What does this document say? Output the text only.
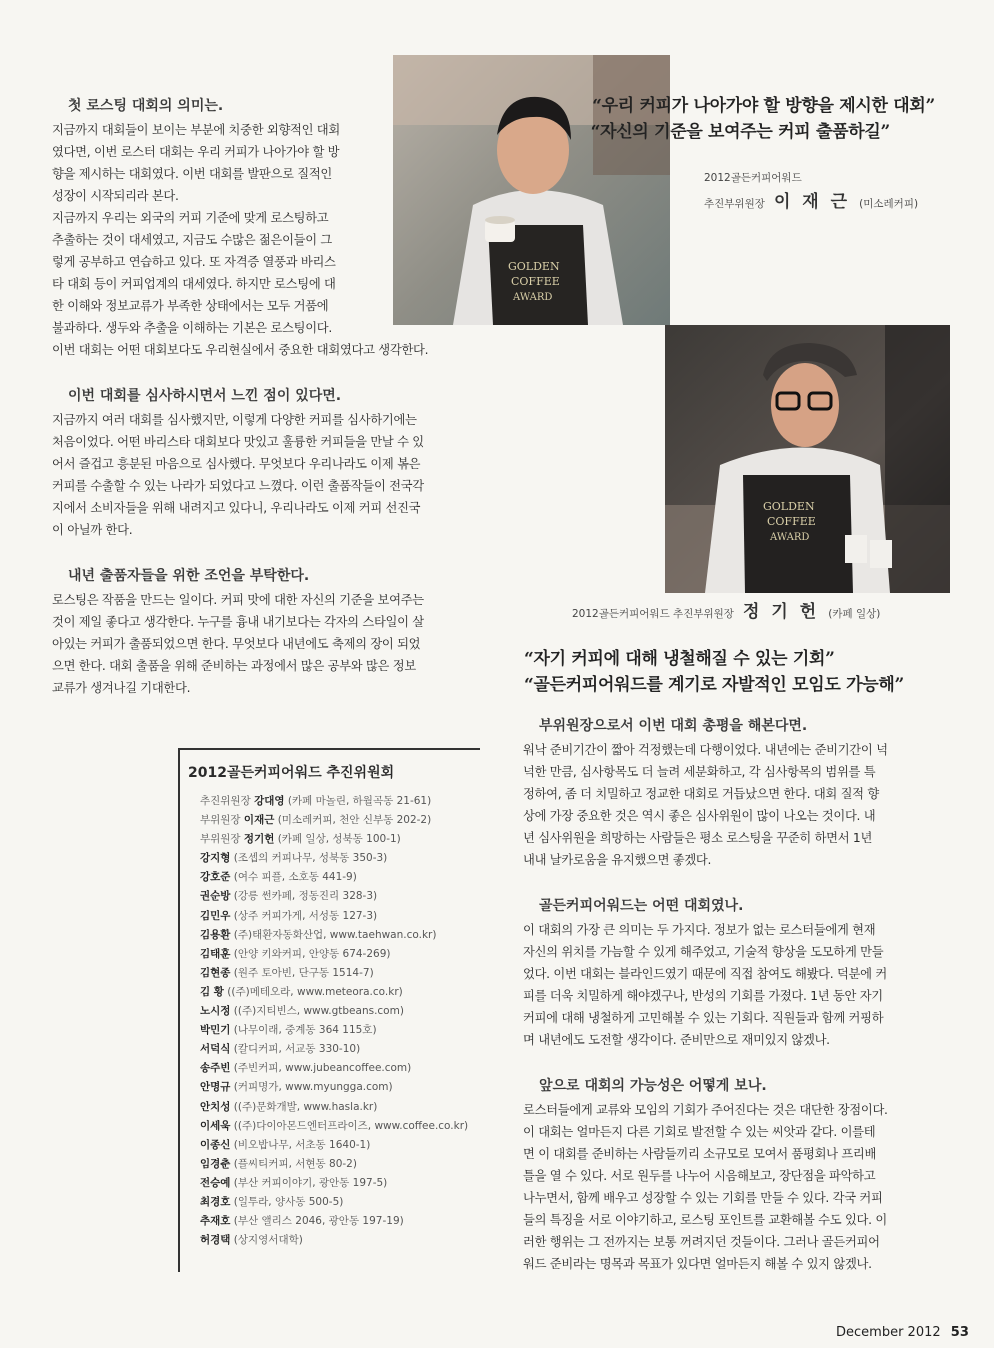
GOLDEN
COFFEE
AWARD
“우리 커피가 나아가야 할 방향을 제시한 대회”
“자신의 기준을 보여주는 커피 출품하길”
2012골든커피어워드
추진부위원장 이 재 근 (미소레커피)
GOLDEN
COFFEE
AWARD
2012골든커피어워드 추진부위원장 정 기 헌 (카페 일상)
“자기 커피에 대해 냉철해질 수 있는 기회”
“골든커피어워드를 계기로 자발적인 모임도 가능해”
첫 로스팅 대회의 의미는.

지금까지 대회들이 보이는 부분에 치중한 외향적인 대회

였다면, 이번 로스터 대회는 우리 커피가 나아가야 할 방

향을 제시하는 대회였다. 이번 대회를 발판으로 질적인

성장이 시작되리라 본다.

지금까지 우리는 외국의 커피 기준에 맞게 로스팅하고

추출하는 것이 대세였고, 지금도 수많은 젊은이들이 그

렇게 공부하고 연습하고 있다. 또 자격증 열풍과 바리스

타 대회 등이 커피업계의 대세였다. 하지만 로스팅에 대

한 이해와 정보교류가 부족한 상태에서는 모두 거품에

불과하다. 생두와 추출을 이해하는 기본은 로스팅이다.

이번 대회는 어떤 대회보다도 우리현실에서 중요한 대회였다고 생각한다.

이번 대회를 심사하시면서 느낀 점이 있다면.

지금까지 여러 대회를 심사했지만, 이렇게 다양한 커피를 심사하기에는

처음이었다. 어떤 바리스타 대회보다 맛있고 훌륭한 커피들을 만날 수 있

어서 즐겁고 흥분된 마음으로 심사했다. 무엇보다 우리나라도 이제 볶은

커피를 수출할 수 있는 나라가 되었다고 느꼈다. 이런 출품작들이 전국각

지에서 소비자들을 위해 내려지고 있다니, 우리나라도 이제 커피 선진국

이 아닐까 한다.

내년 출품자들을 위한 조언을 부탁한다.

로스팅은 작품을 만드는 일이다. 커피 맛에 대한 자신의 기준을 보여주는

것이 제일 좋다고 생각한다. 누구를 흉내 내기보다는 각자의 스타일이 살

아있는 커피가 출품되었으면 한다. 무엇보다 내년에도 축제의 장이 되었

으면 한다. 대회 출품을 위해 준비하는 과정에서 많은 공부와 많은 정보

교류가 생겨나길 기대한다.

2012골든커피어워드 추진위원회
추진위원장 강대영 (카페 마놀린, 하월곡동 21-61)
부위원장 이재근 (미소레커피, 천안 신부동 202-2)
부위원장 정기헌 (카페 일상, 성북동 100-1)
강지형 (조셉의 커피나무, 성북동 350-3)
강호준 (여수 피플, 소호동 441-9)
권순방 (강릉 썬카페, 정동진리 328-3)
김민우 (상주 커피가게, 서성동 127-3)
김용환 (주)태환자동화산업, www.taehwan.co.kr)
김태훈 (안양 키와커피, 안양동 674-269)
김현종 (원주 토아빈, 단구동 1514-7)
김 황 ((주)메테오라, www.meteora.co.kr)
노시정 ((주)지티빈스, www.gtbeans.com)
박민기 (나무이래, 중계동 364 115호)
서덕식 (칼디커피, 서교동 330-10)
송주빈 (주빈커피, www.jubeancoffee.com)
안명규 (커피명가, www.myungga.com)
안치성 ((주)문화개발, www.hasla.kr)
이세욱 ((주)다이아몬드엔터프라이즈, www.coffee.co.kr)
이종신 (비오밥나무, 서초동 1640-1)
임경춘 (플씨티커피, 서현동 80-2)
전승예 (부산 커피이야기, 광안동 197-5)
최경호 (일투라, 양사동 500-5)
추재호 (부산 앨리스 2046, 광안동 197-19)
허경택 (상지영서대학)
부위원장으로서 이번 대회 총평을 해본다면.

워낙 준비기간이 짧아 걱정했는데 다행이었다. 내년에는 준비기간이 넉

넉한 만큼, 심사항목도 더 늘려 세분화하고, 각 심사항목의 범위를 특

정하여, 좀 더 치밀하고 정교한 대회로 거듭났으면 한다. 대회 질적 향

상에 가장 중요한 것은 역시 좋은 심사위원이 많이 나오는 것이다. 내

년 심사위원을 희망하는 사람들은 평소 로스팅을 꾸준히 하면서 1년

내내 날카로움을 유지했으면 좋겠다.

골든커피어워드는 어떤 대회였나.

이 대회의 가장 큰 의미는 두 가지다. 정보가 없는 로스터들에게 현재

자신의 위치를 가늠할 수 있게 해주었고, 기술적 향상을 도모하게 만들

었다. 이번 대회는 블라인드였기 때문에 직접 참여도 해봤다. 덕분에 커

피를 더욱 치밀하게 해야겠구나, 반성의 기회를 가졌다. 1년 동안 자기

커피에 대해 냉철하게 고민해볼 수 있는 기회다. 직원들과 함께 커핑하

며 내년에도 도전할 생각이다. 준비만으로 재미있지 않겠나.

앞으로 대회의 가능성은 어떻게 보나.

로스터들에게 교류와 모임의 기회가 주어진다는 것은 대단한 장점이다.

이 대회는 얼마든지 다른 기회로 발전할 수 있는 씨앗과 같다. 이를테

면 이 대회를 준비하는 사람들끼리 소규모로 모여서 품평회나 프리배

틀을 열 수 있다. 서로 원두를 나누어 시음해보고, 장단점을 파악하고

나누면서, 함께 배우고 성장할 수 있는 기회를 만들 수 있다. 각국 커피

들의 특징을 서로 이야기하고, 로스팅 포인트를 교환해볼 수도 있다. 이

러한 행위는 그 전까지는 보통 꺼려지던 것들이다. 그러나 골든커피어

워드 준비라는 명목과 목표가 있다면 얼마든지 해볼 수 있지 않겠나.

December 2012 53
